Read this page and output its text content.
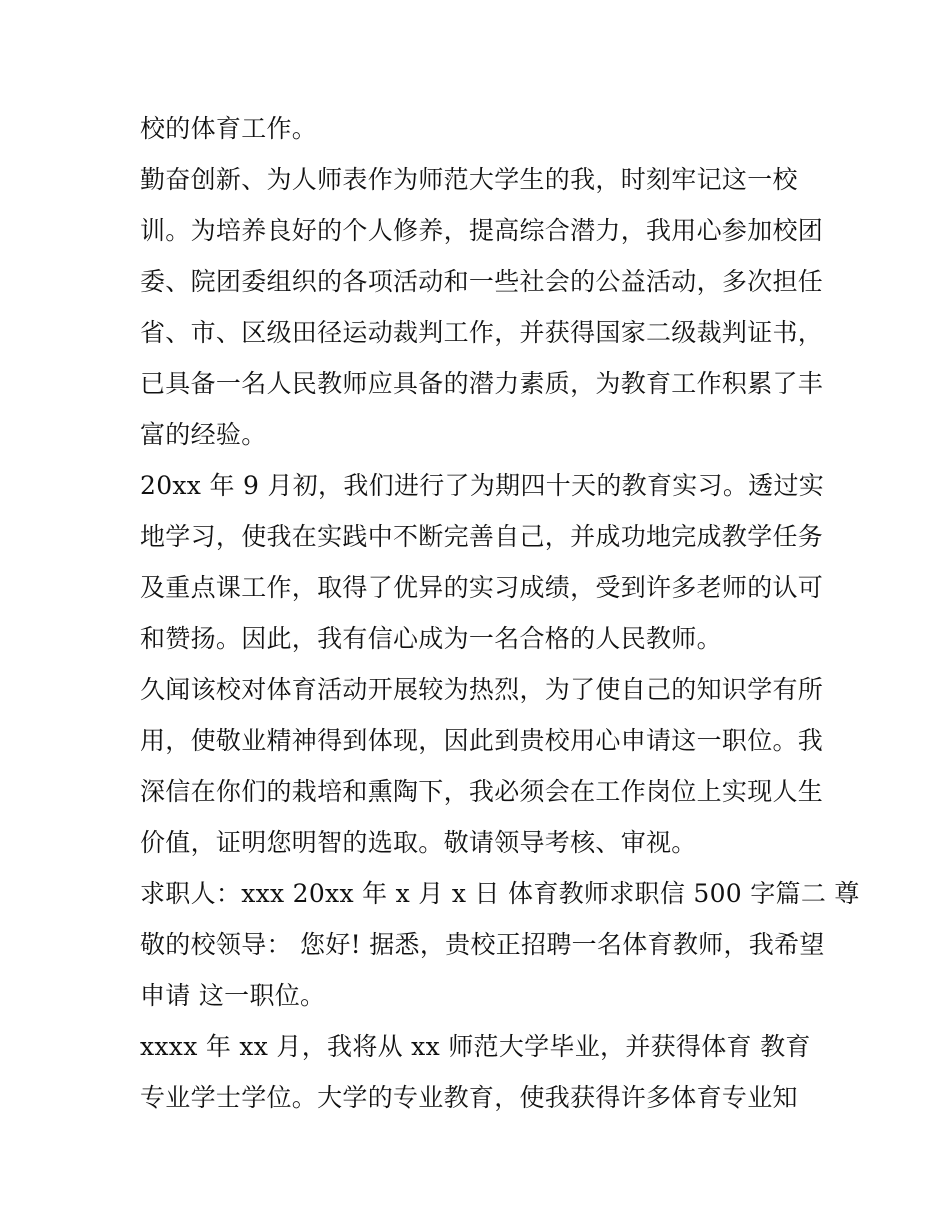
校的体育工作。
勤奋创新、为人师表作为师范大学生的我，时刻牢记这一校
训。为培养良好的个人修养，提高综合潜力，我用心参加校团
委、院团委组织的各项活动和一些社会的公益活动，多次担任
省、市、区级田径运动裁判工作，并获得国家二级裁判证书，
已具备一名人民教师应具备的潜力素质，为教育工作积累了丰
富的经验。
20xx 年 9 月初，我们进行了为期四十天的教育实习。透过实
地学习，使我在实践中不断完善自己，并成功地完成教学任务
及重点课工作，取得了优异的实习成绩，受到许多老师的认可
和赞扬。因此，我有信心成为一名合格的人民教师。
久闻该校对体育活动开展较为热烈，为了使自己的知识学有所
用，使敬业精神得到体现，因此到贵校用心申请这一职位。我
深信在你们的栽培和熏陶下，我必须会在工作岗位上实现人生
价值，证明您明智的选取。敬请领导考核、审视。
求职人：xxx 20xx 年 x 月 x 日 体育教师求职信 500 字篇二 尊
敬的校领导： 您好! 据悉，贵校正招聘一名体育教师，我希望
申请 这一职位。
xxxx 年 xx 月，我将从 xx 师范大学毕业，并获得体育 教育
专业学士学位。大学的专业教育，使我获得许多体育专业知
